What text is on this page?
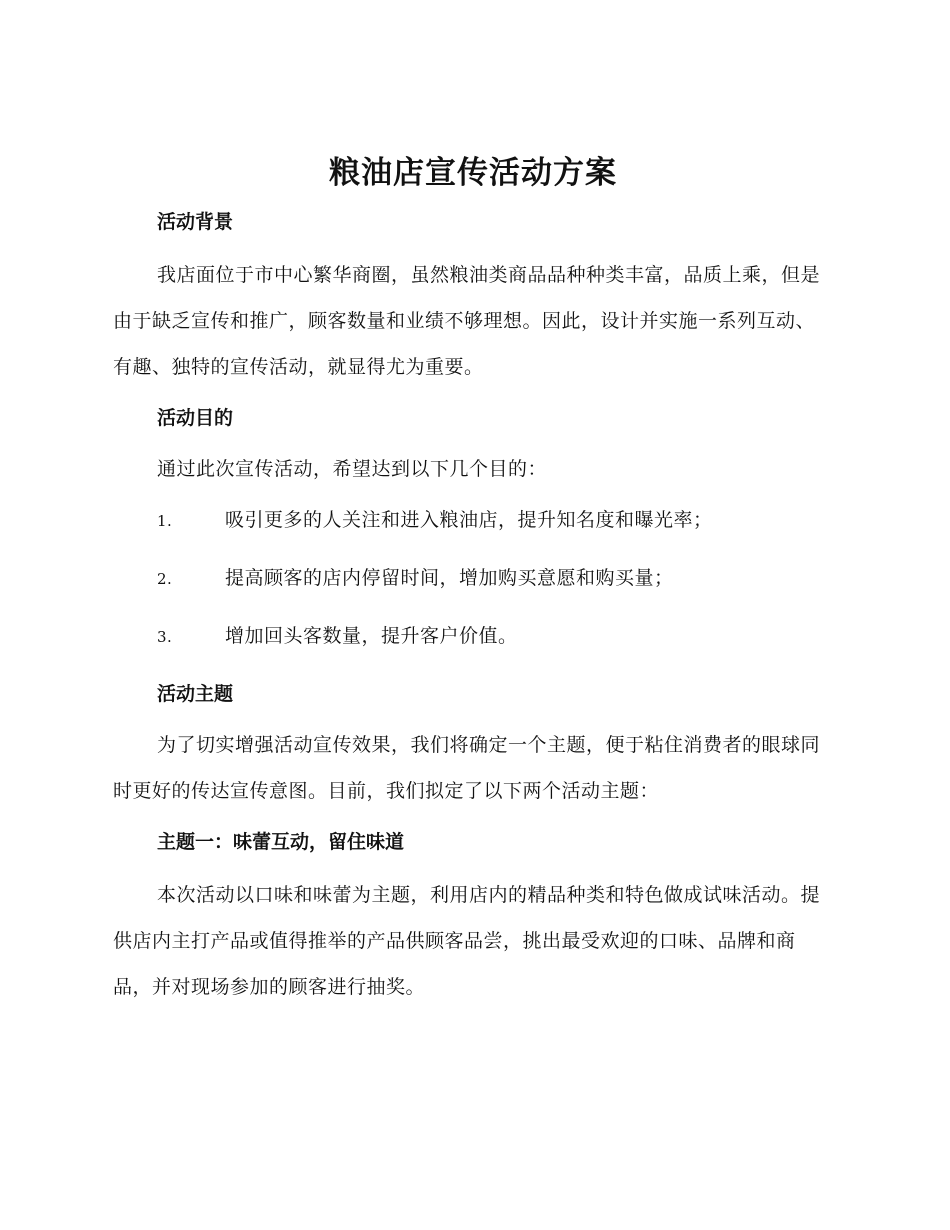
粮油店宣传活动方案
活动背景

我店面位于市中心繁华商圈，虽然粮油类商品品种种类丰富，品质上乘，但是由于缺乏宣传和推广，顾客数量和业绩不够理想。因此，设计并实施一系列互动、有趣、独特的宣传活动，就显得尤为重要。

活动目的

通过此次宣传活动，希望达到以下几个目的：

1.	吸引更多的人关注和进入粮油店，提升知名度和曝光率；
2.	提高顾客的店内停留时间，增加购买意愿和购买量；
3.	增加回头客数量，提升客户价值。
活动主题

为了切实增强活动宣传效果，我们将确定一个主题，便于粘住消费者的眼球同时更好的传达宣传意图。目前，我们拟定了以下两个活动主题：

主题一：味蕾互动，留住味道

本次活动以口味和味蕾为主题，利用店内的精品种类和特色做成试味活动。提供店内主打产品或值得推举的产品供顾客品尝，挑出最受欢迎的口味、品牌和商品，并对现场参加的顾客进行抽奖。
